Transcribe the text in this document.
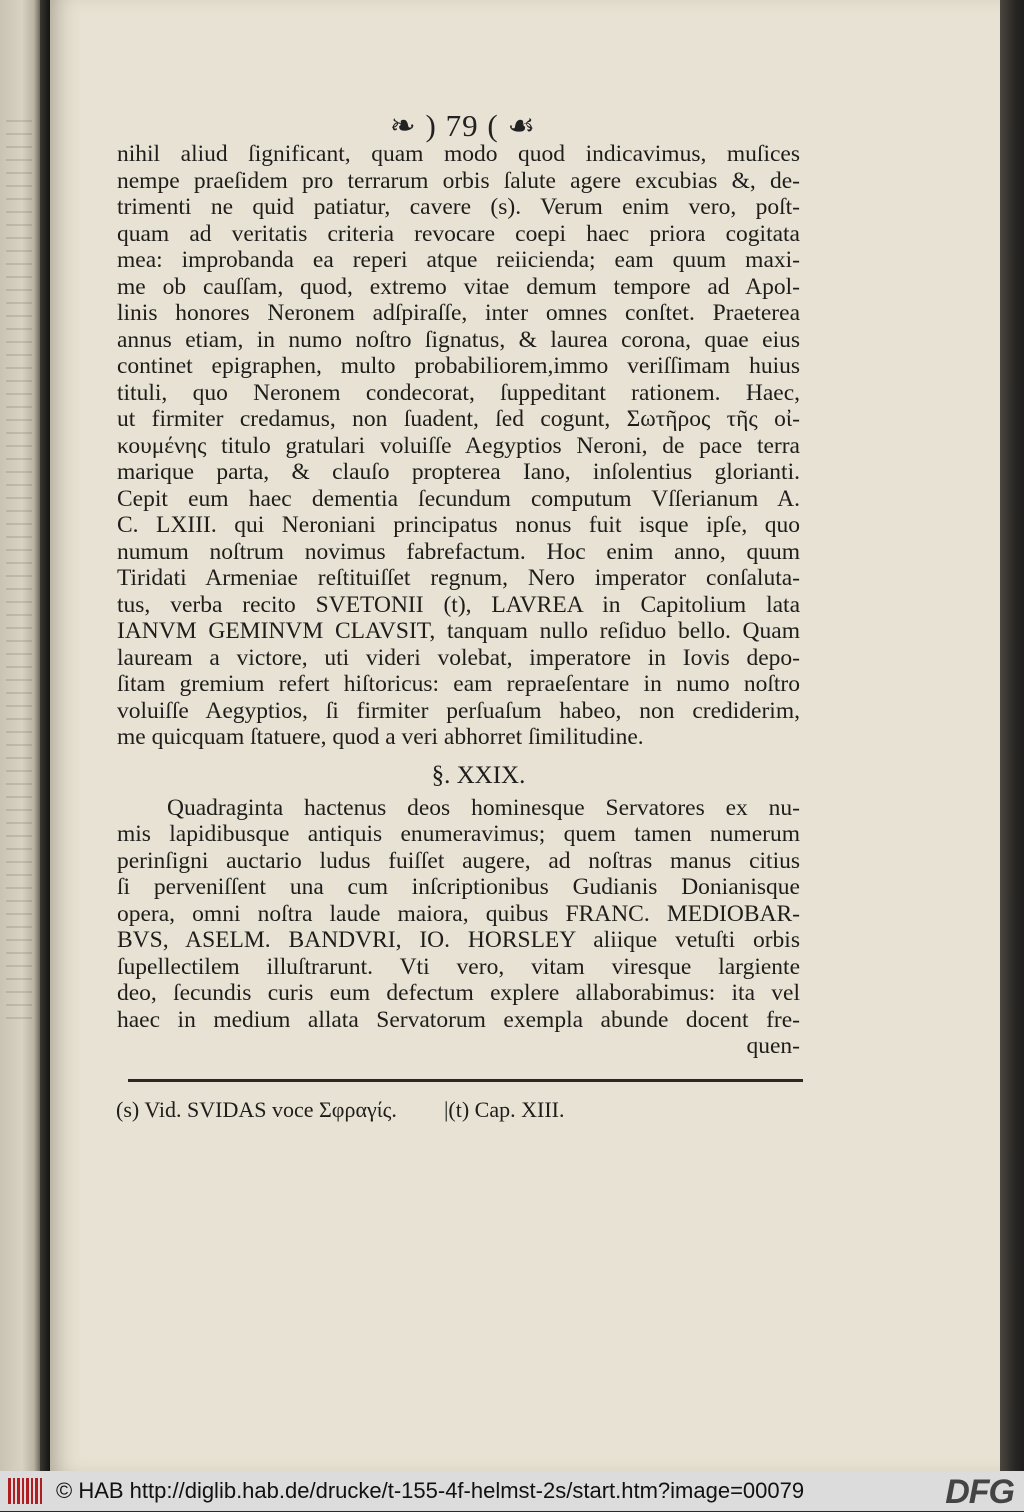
❧ ) 79 ( ☙
nihil aliud ſignificant, quam modo quod indicavimus, muſices
nempe praeſidem pro terrarum orbis ſalute agere excubias &, de-
trimenti ne quid patiatur, cavere (s). Verum enim vero, poſt-
quam ad veritatis criteria revocare coepi haec priora cogitata
mea: improbanda ea reperi atque reiicienda; eam quum maxi-
me ob cauſſam, quod, extremo vitae demum tempore ad Apol-
linis honores Neronem adſpiraſſe, inter omnes conſtet. Praeterea
annus etiam, in numo noſtro ſignatus, & laurea corona, quae eius
continet epigraphen, multo probabiliorem,immo veriſſimam huius
tituli, quo Neronem condecorat, ſuppeditant rationem. Haec,
ut firmiter credamus, non ſuadent, ſed cogunt, Σωτῆρος τῆς οἰ-
κουμένης titulo gratulari voluiſſe Aegyptios Neroni, de pace terra
marique parta, & clauſo propterea Iano, inſolentius glorianti.
Cepit eum haec dementia ſecundum computum Vſſerianum A.
C. LXIII. qui Neroniani principatus nonus fuit isque ipſe, quo
numum noſtrum novimus fabrefactum. Hoc enim anno, quum
Tiridati Armeniae reſtituiſſet regnum, Nero imperator conſaluta-
tus, verba recito SVETONII (t), LAVREA in Capitolium lata
IANVM GEMINVM CLAVSIT, tanquam nullo reſiduo bello. Quam
lauream a victore, uti videri volebat, imperatore in Iovis depo-
ſitam gremium refert hiſtoricus: eam repraeſentare in numo noſtro
voluiſſe Aegyptios, ſi firmiter perſuaſum habeo, non crediderim,
me quicquam ſtatuere, quod a veri abhorret ſimilitudine.
§. XXIX.
Quadraginta hactenus deos hominesque Servatores ex nu-
mis lapidibusque antiquis enumeravimus; quem tamen numerum
perinſigni auctario ludus fuiſſet augere, ad noſtras manus citius
ſi perveniſſent una cum inſcriptionibus Gudianis Donianisque
opera, omni noſtra laude maiora, quibus FRANC. MEDIOBAR-
BVS, ASELM. BANDVRI, IO. HORSLEY aliique vetuſti orbis
ſupellectilem illuſtrarunt. Vti vero, vitam viresque largiente
deo, ſecundis curis eum defectum explere allaborabimus: ita vel
haec in medium allata Servatorum exempla abunde docent fre-
quen-
(s) Vid. SVIDAS voce Σφραγίς. |(t) Cap. XIII.
© HAB http://diglib.hab.de/drucke/t-155-4f-helmst-2s/start.htm?image=00079	DFG
